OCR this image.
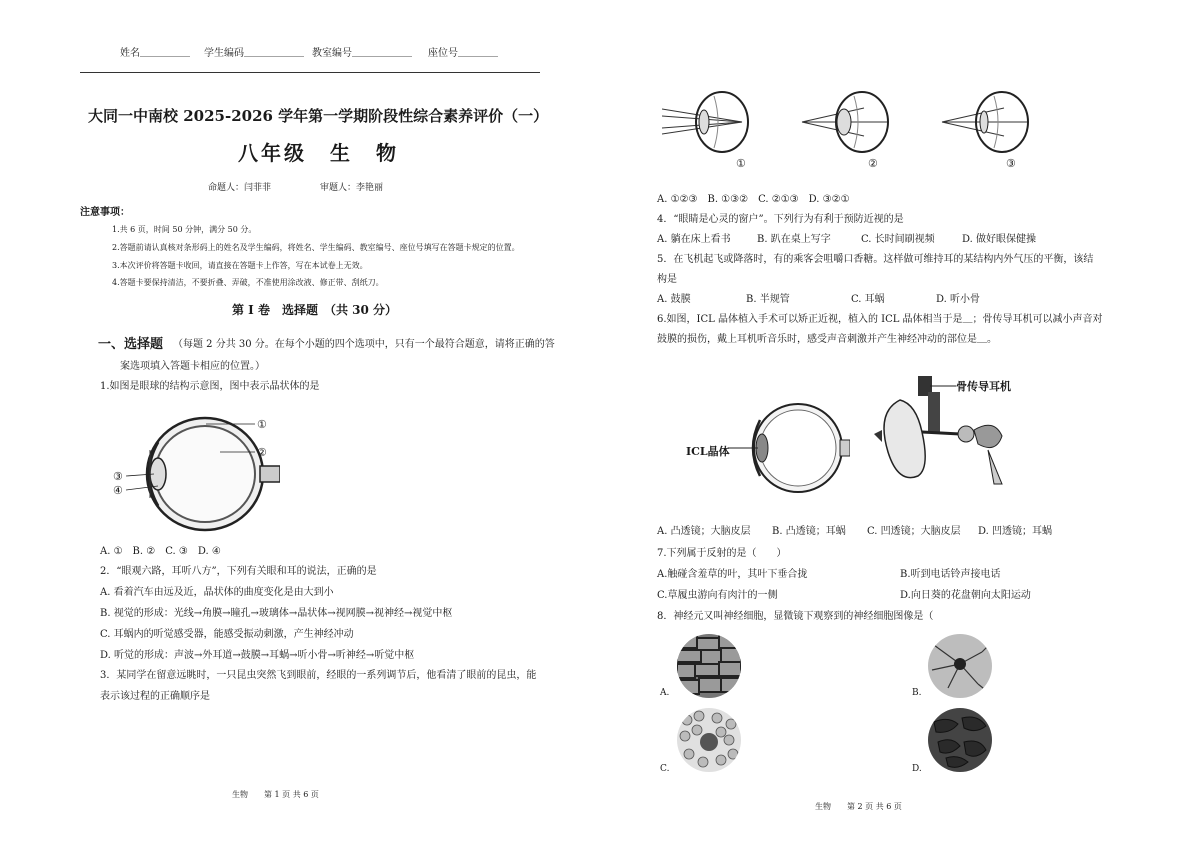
姓名＿＿＿＿＿ 学生编码＿＿＿＿＿＿ 教室编号＿＿＿＿＿＿ 座位号＿＿＿＿
大同一中南校 2025-2026 学年第一学期阶段性综合素养评价（一）
八年级　生　物
命题人：闫菲菲	审题人：李艳丽
注意事项：
1.共 6 页，时间 50 分钟，满分 50 分。
2.答题前请认真核对条形码上的姓名及学生编码，将姓名、学生编码、教室编号、座位号填写在答题卡规定的位置。
3.本次评价将答题卡收回，请直接在答题卡上作答，写在本试卷上无效。
4.答题卡要保持清洁，不要折叠、弄破，不准使用涂改液、修正带、刮纸刀。
第 I 卷　选择题　（共 30 分）
一、选择题 （每题 2 分共 30 分。在每个小题的四个选项中，只有一个最符合题意，请将正确的答
案选项填入答题卡相应的位置。）
1.如图是眼球的结构示意图，图中表示晶状体的是
①
②
③
④
A. ①　B. ②　C. ③　D. ④
2．“眼观六路，耳听八方”，下列有关眼和耳的说法，正确的是
A. 看着汽车由远及近，晶状体的曲度变化是由大到小
B. 视觉的形成：光线→角膜→瞳孔→玻璃体→晶状体→视网膜→视神经→视觉中枢
C. 耳蜗内的听觉感受器，能感受振动刺激，产生神经冲动
D. 听觉的形成：声波→外耳道→鼓膜→耳蜗→听小骨→听神经→听觉中枢
3．某同学在留意远眺时，一只昆虫突然飞到眼前，经眼的一系列调节后，他看清了眼前的昆虫，能
表示该过程的正确顺序是
生物　　第 1 页 共 6 页
①	②	③
A. ①②③　B. ①③②　C. ②①③　D. ③②①
4．“眼睛是心灵的窗户”。下列行为有利于预防近视的是
A. 躺在床上看书	B. 趴在桌上写字	C. 长时间刷视频	D. 做好眼保健操
5．在飞机起飞或降落时，有的乘客会咀嚼口香糖。这样做可维持耳的某结构内外气压的平衡，该结
构是
A. 鼓膜	B. 半规管	C. 耳蜗	D. 听小骨
6.如图，ICL 晶体植入手术可以矫正近视，植入的 ICL 晶体相当于是＿；骨传导耳机可以减小声音对
鼓膜的损伤，戴上耳机听音乐时，感受声音刺激并产生神经冲动的部位是＿。
ICL晶体
骨传导耳机
A. 凸透镜；大脑皮层 B. 凸透镜；耳蜗 C. 凹透镜；大脑皮层 D. 凹透镜；耳蜗
7.下列属于反射的是（　　）
A.触碰含羞草的叶，其叶下垂合拢	B.听到电话铃声接电话
C.草履虫游向有肉汁的一侧	D.向日葵的花盘朝向太阳运动
8．神经元又叫神经细胞，显微镜下观察到的神经细胞图像是（
A.	B.
C.	D.
生物　　第 2 页 共 6 页
